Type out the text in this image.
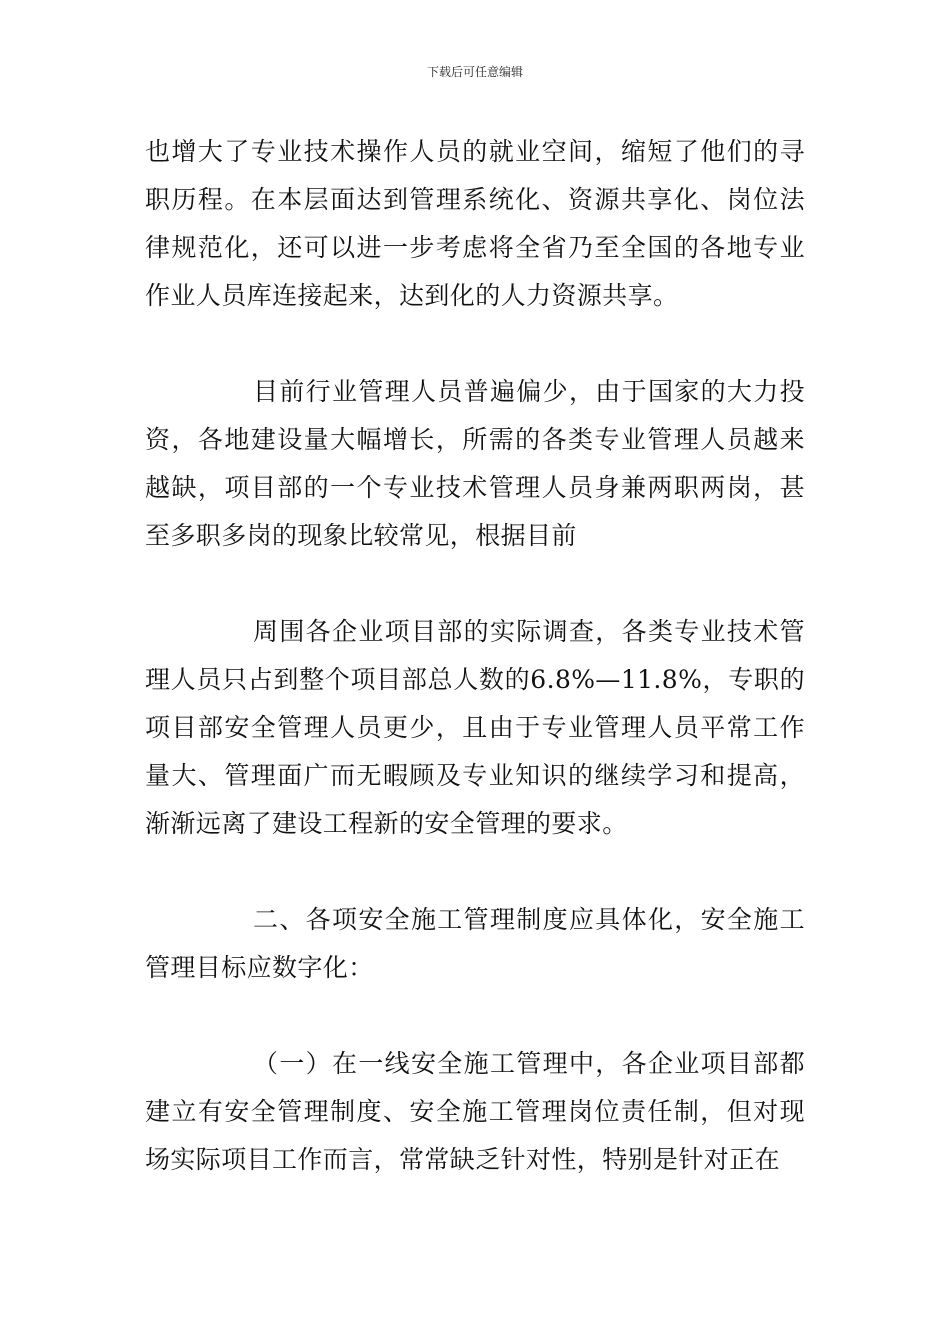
下载后可任意编辑

也增大了专业技术操作人员的就业空间，缩短了他们的寻职历程。在本层面达到管理系统化、资源共享化、岗位法律规范化，还可以进一步考虑将全省乃至全国的各地专业作业人员库连接起来，达到化的人力资源共享。

目前行业管理人员普遍偏少，由于国家的大力投资，各地建设量大幅增长，所需的各类专业管理人员越来越缺，项目部的一个专业技术管理人员身兼两职两岗，甚至多职多岗的现象比较常见，根据目前

周围各企业项目部的实际调查，各类专业技术管理人员只占到整个项目部总人数的6.8%—11.8%，专职的项目部安全管理人员更少，且由于专业管理人员平常工作量大、管理面广而无暇顾及专业知识的继续学习和提高，渐渐远离了建设工程新的安全管理的要求。

二、各项安全施工管理制度应具体化，安全施工管理目标应数字化：

（一）在一线安全施工管理中，各企业项目部都建立有安全管理制度、安全施工管理岗位责任制，但对现场实际项目工作而言，常常缺乏针对性，特别是针对正在
